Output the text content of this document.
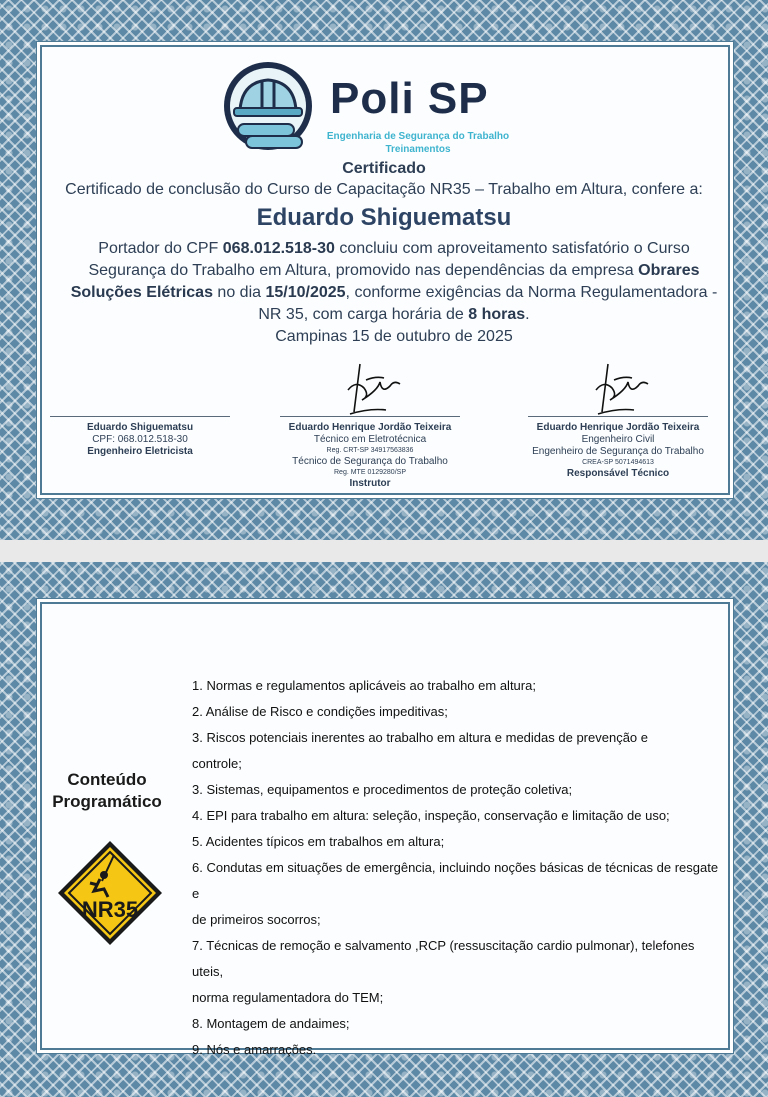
Poli SP
Engenharia de Segurança do Trabalho
Treinamentos
Certificado
Certificado de conclusão do Curso de Capacitação NR35 – Trabalho em Altura, confere a:
Eduardo Shiguematsu
Portador do CPF 068.012.518-30 concluiu com aproveitamento satisfatório o Curso Segurança do Trabalho em Altura, promovido nas dependências da empresa Obrares Soluções Elétricas no dia 15/10/2025, conforme exigências da Norma Regulamentadora - NR 35, com carga horária de 8 horas.
Campinas 15 de outubro de 2025
Eduardo Shiguematsu
CPF: 068.012.518-30
Engenheiro Eletricista
Eduardo Henrique Jordão Teixeira
Técnico em Eletrotécnica
Reg. CRT-SP 34917563836
Técnico de Segurança do Trabalho
Reg. MTE 0129280/SP
Instrutor
Eduardo Henrique Jordão Teixeira
Engenheiro Civil
Engenheiro de Segurança do Trabalho
CREA-SP 5071494613
Responsável Técnico
Conteúdo
Programático
NR35
1. Normas e regulamentos aplicáveis ao trabalho em altura;
2. Análise de Risco e condições impeditivas;
3. Riscos potenciais inerentes ao trabalho em altura e medidas de prevenção e
controle;
3. Sistemas, equipamentos e procedimentos de proteção coletiva;
4. EPI para trabalho em altura: seleção, inspeção, conservação e limitação de uso;
5. Acidentes típicos em trabalhos em altura;
6. Condutas em situações de emergência, incluindo noções básicas de técnicas de resgate e
de primeiros socorros;
7. Técnicas de remoção e salvamento ,RCP (ressuscitação cardio pulmonar), telefones uteis,
norma regulamentadora do TEM;
8. Montagem de andaimes;
9. Nós e amarrações.
